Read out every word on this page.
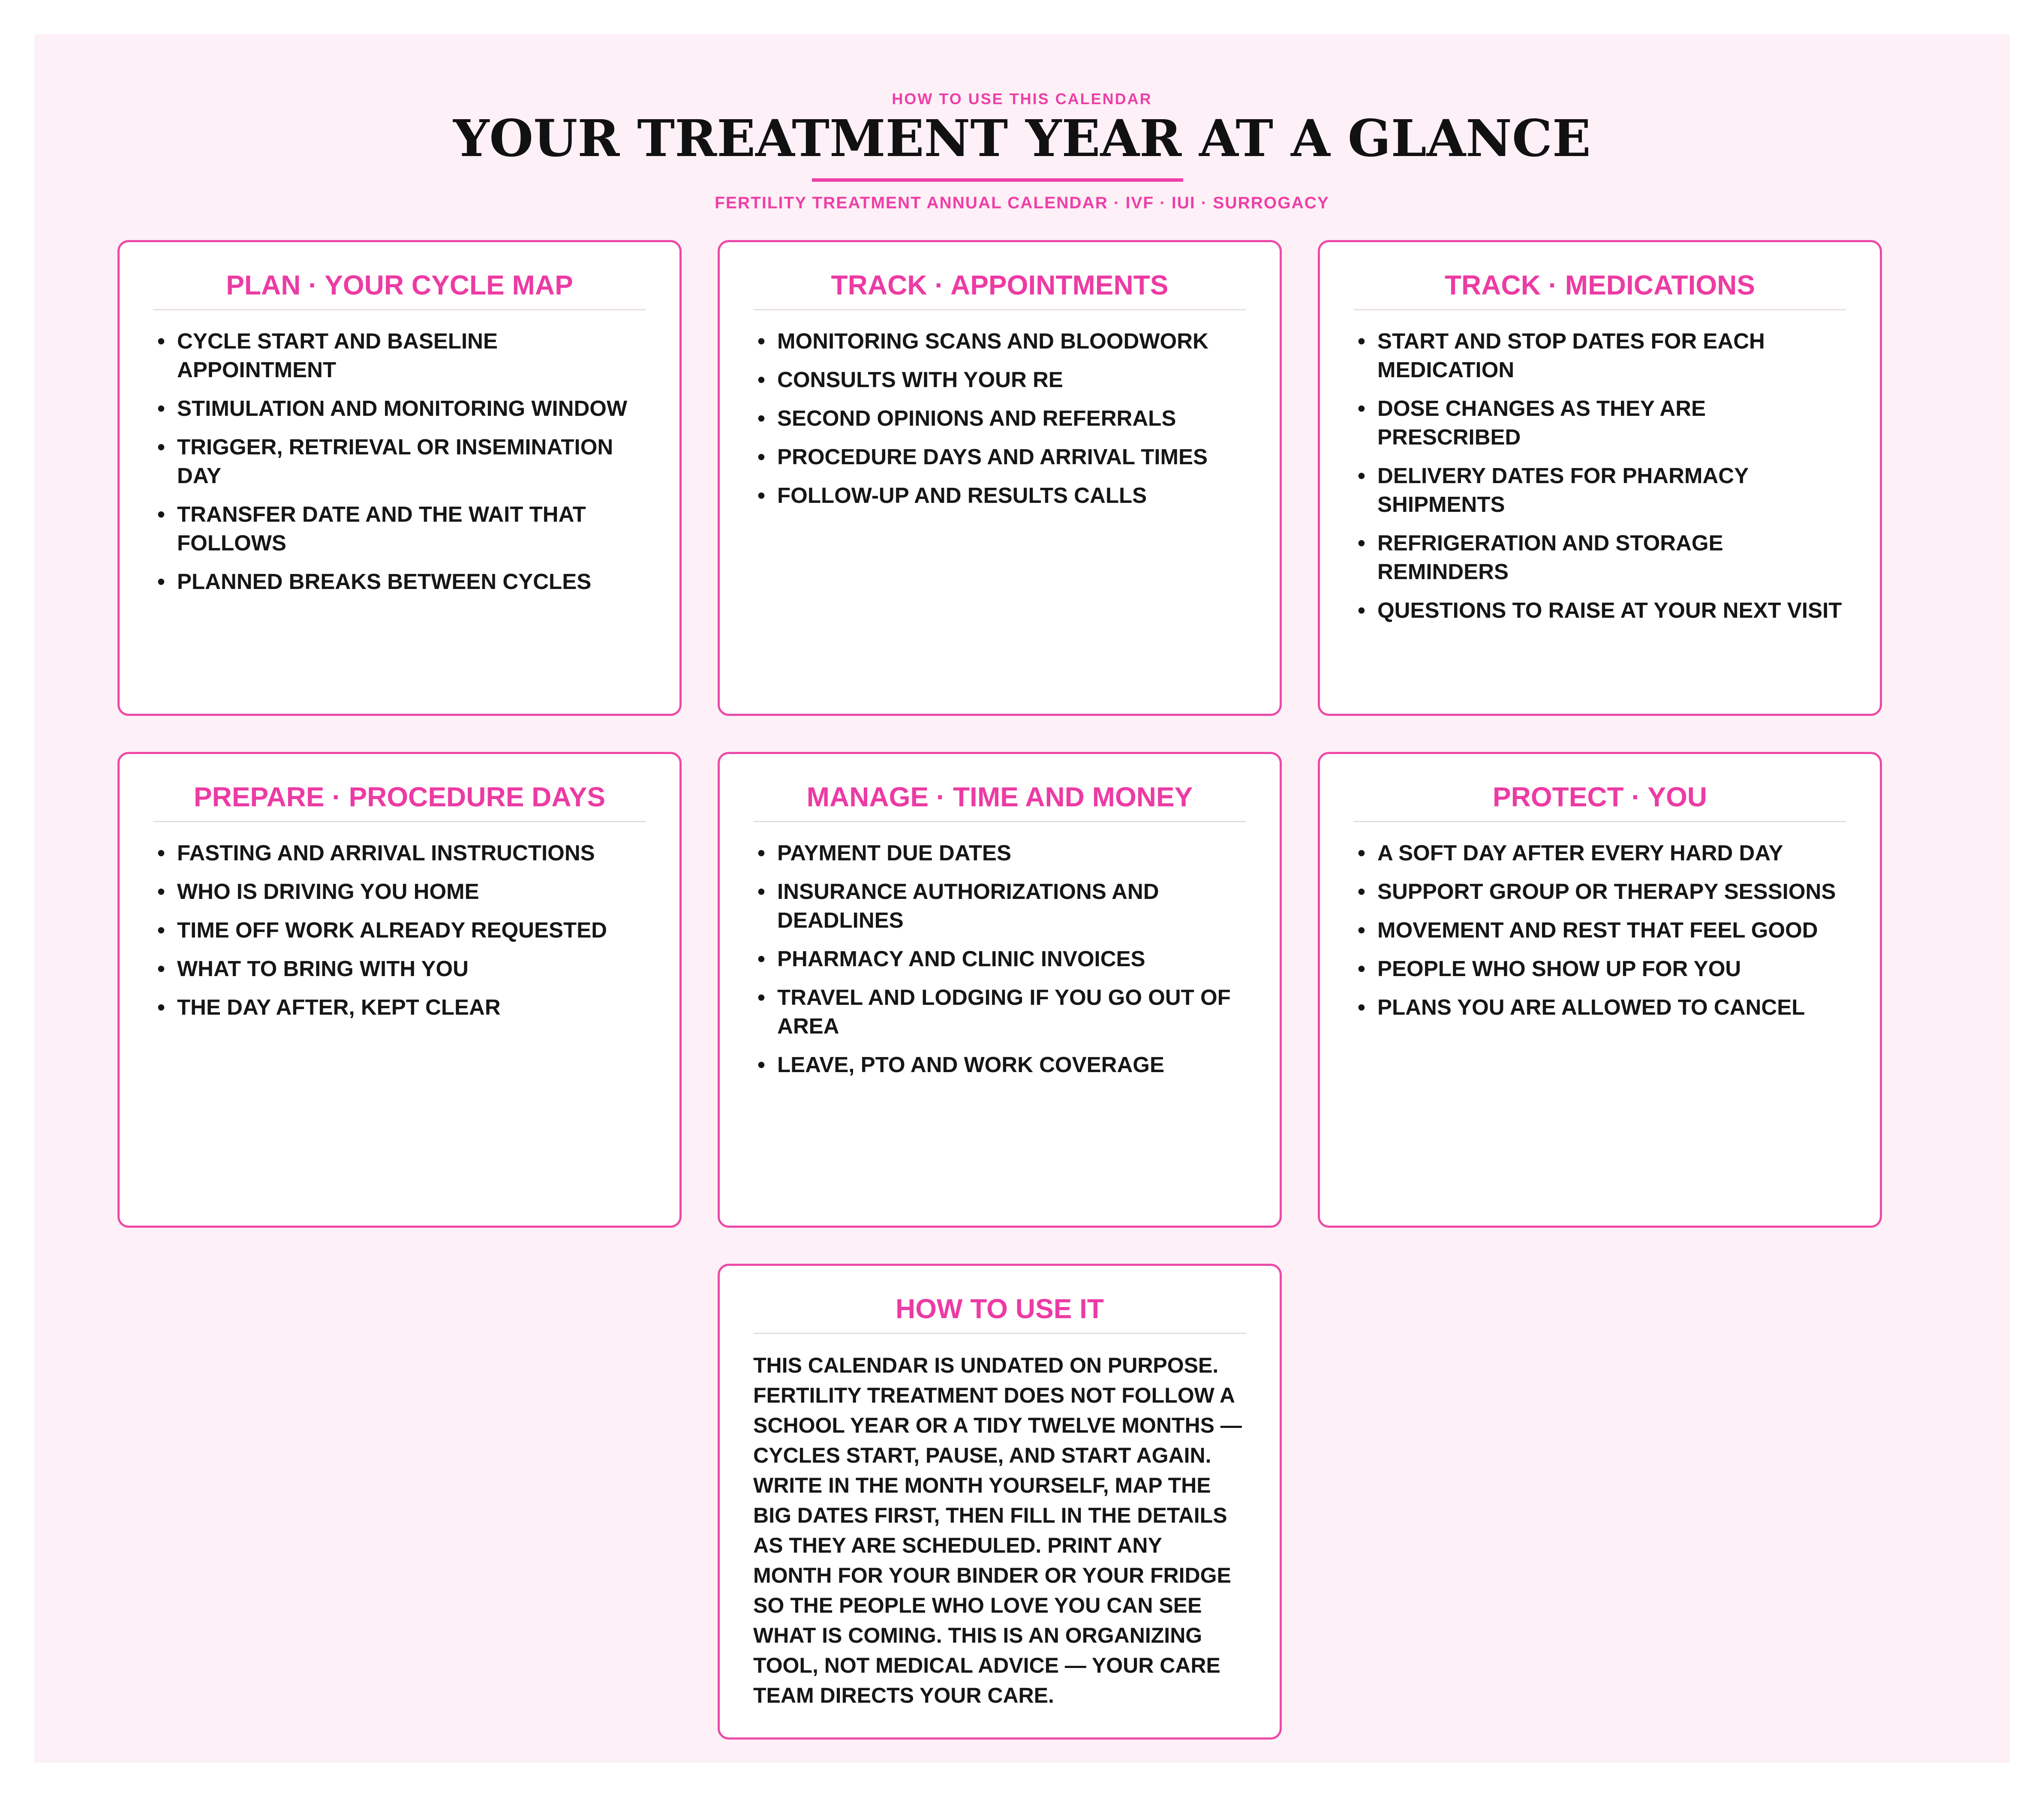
HOW TO USE THIS CALENDAR
YOUR TREATMENT YEAR AT A GLANCE
FERTILITY TREATMENT ANNUAL CALENDAR · IVF · IUI · SURROGACY
PLAN · YOUR CYCLE MAP
• CYCLE START AND BASELINE APPOINTMENT
• STIMULATION AND MONITORING WINDOW
• TRIGGER, RETRIEVAL OR INSEMINATION DAY
• TRANSFER DATE AND THE WAIT THAT FOLLOWS
• PLANNED BREAKS BETWEEN CYCLES
TRACK · APPOINTMENTS
• MONITORING SCANS AND BLOODWORK
• CONSULTS WITH YOUR RE
• SECOND OPINIONS AND REFERRALS
• PROCEDURE DAYS AND ARRIVAL TIMES
• FOLLOW-UP AND RESULTS CALLS
TRACK · MEDICATIONS
• START AND STOP DATES FOR EACH MEDICATION
• DOSE CHANGES AS THEY ARE PRESCRIBED
• DELIVERY DATES FOR PHARMACY SHIPMENTS
• REFRIGERATION AND STORAGE REMINDERS
• QUESTIONS TO RAISE AT YOUR NEXT VISIT
PREPARE · PROCEDURE DAYS
• FASTING AND ARRIVAL INSTRUCTIONS
• WHO IS DRIVING YOU HOME
• TIME OFF WORK ALREADY REQUESTED
• WHAT TO BRING WITH YOU
• THE DAY AFTER, KEPT CLEAR
MANAGE · TIME AND MONEY
• PAYMENT DUE DATES
• INSURANCE AUTHORIZATIONS AND DEADLINES
• PHARMACY AND CLINIC INVOICES
• TRAVEL AND LODGING IF YOU GO OUT OF AREA
• LEAVE, PTO AND WORK COVERAGE
PROTECT · YOU
• A SOFT DAY AFTER EVERY HARD DAY
• SUPPORT GROUP OR THERAPY SESSIONS
• MOVEMENT AND REST THAT FEEL GOOD
• PEOPLE WHO SHOW UP FOR YOU
• PLANS YOU ARE ALLOWED TO CANCEL
HOW TO USE IT

THIS CALENDAR IS UNDATED ON PURPOSE. FERTILITY TREATMENT DOES NOT FOLLOW A SCHOOL YEAR OR A TIDY TWELVE MONTHS — CYCLES START, PAUSE, AND START AGAIN. WRITE IN THE MONTH YOURSELF, MAP THE BIG DATES FIRST, THEN FILL IN THE DETAILS AS THEY ARE SCHEDULED. PRINT ANY MONTH FOR YOUR BINDER OR YOUR FRIDGE SO THE PEOPLE WHO LOVE YOU CAN SEE WHAT IS COMING. THIS IS AN ORGANIZING TOOL, NOT MEDICAL ADVICE — YOUR CARE TEAM DIRECTS YOUR CARE.
